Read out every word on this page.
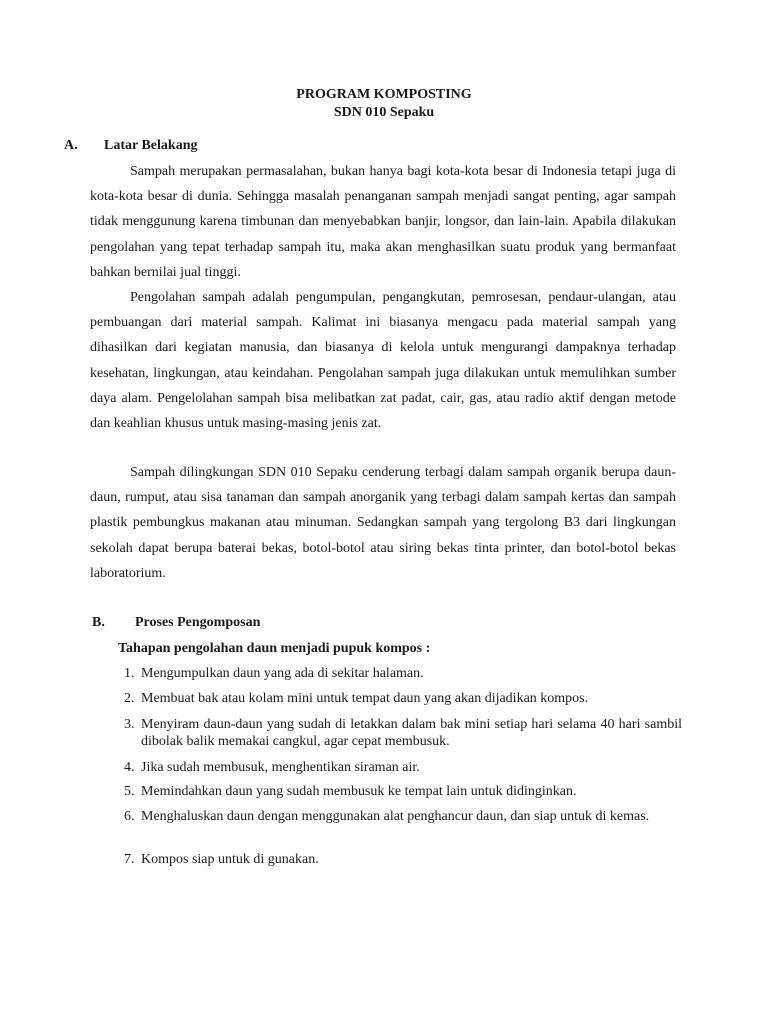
PROGRAM KOMPOSTING
SDN 010 Sepaku
A. Latar Belakang

Sampah merupakan permasalahan, bukan hanya bagi kota-kota besar di Indonesia tetapi juga di kota-kota besar di dunia. Sehingga masalah penanganan sampah menjadi sangat penting, agar sampah tidak menggunung karena timbunan dan menyebabkan banjir, longsor, dan lain-lain. Apabila dilakukan pengolahan yang tepat terhadap sampah itu, maka akan menghasilkan suatu produk yang bermanfaat bahkan bernilai jual tinggi.

Pengolahan sampah adalah pengumpulan, pengangkutan, pemrosesan, pendaur-ulangan, atau pembuangan dari material sampah. Kalimat ini biasanya mengacu pada material sampah yang dihasilkan dari kegiatan manusia, dan biasanya di kelola untuk mengurangi dampaknya terhadap kesehatan, lingkungan, atau keindahan. Pengolahan sampah juga dilakukan untuk memulihkan sumber daya alam. Pengelolahan sampah bisa melibatkan zat padat, cair, gas, atau radio aktif dengan metode dan keahlian khusus untuk masing-masing jenis zat.

Sampah dilingkungan SDN 010 Sepaku cenderung terbagi dalam sampah organik berupa daun-daun, rumput, atau sisa tanaman dan sampah anorganik yang terbagi dalam sampah kertas dan sampah plastik pembungkus makanan atau minuman. Sedangkan sampah yang tergolong B3 dari lingkungan sekolah dapat berupa baterai bekas, botol-botol atau siring bekas tinta printer, dan botol-botol bekas laboratorium.

B. Proses Pengomposan
Tahapan pengolahan daun menjadi pupuk kompos :
1. Mengumpulkan daun yang ada di sekitar halaman.
2. Membuat bak atau kolam mini untuk tempat daun yang akan dijadikan kompos.
3. Menyiram daun-daun yang sudah di letakkan dalam bak mini setiap hari selama 40 hari sambil dibolak balik memakai cangkul, agar cepat membusuk.
4. Jika sudah membusuk, menghentikan siraman air.
5. Memindahkan daun yang sudah membusuk ke tempat lain untuk didinginkan.
6. Menghaluskan daun dengan menggunakan alat penghancur daun, dan siap untuk di kemas.
7. Kompos siap untuk di gunakan.
